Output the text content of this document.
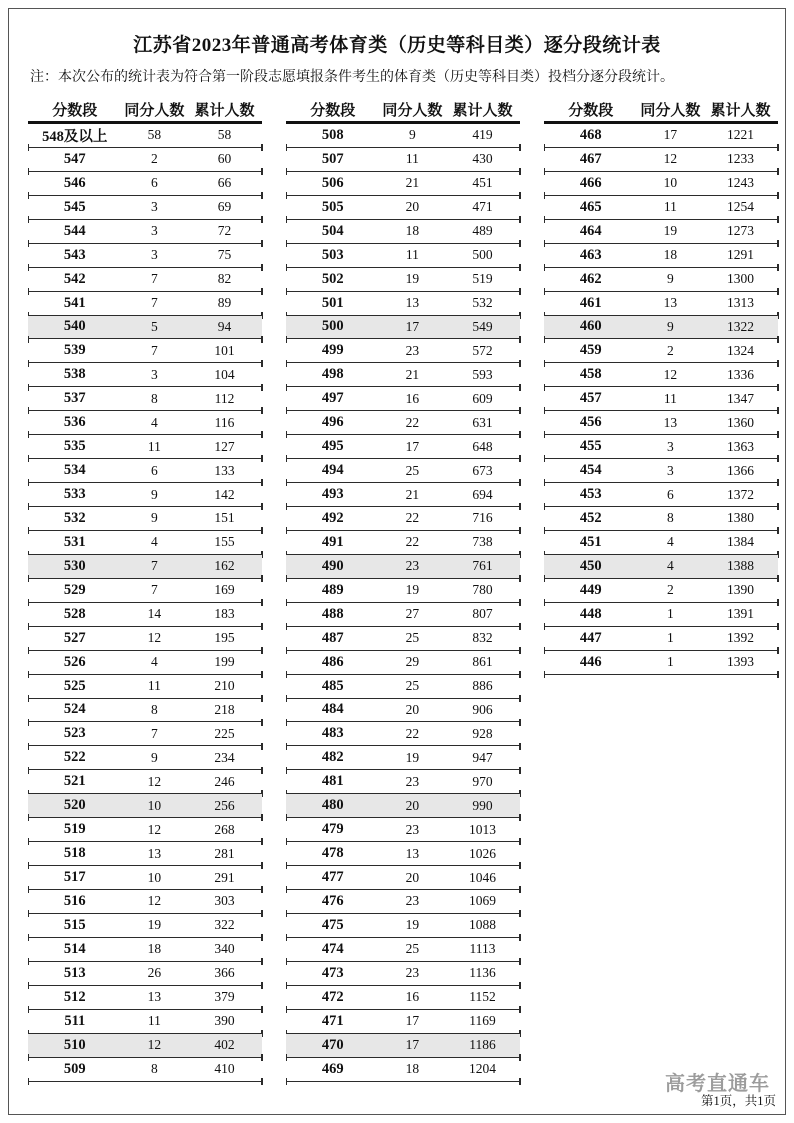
江苏省2023年普通高考体育类（历史等科目类）逐分段统计表
注：本次公布的统计表为符合第一阶段志愿填报条件考生的体育类（历史等科目类）投档分逐分段统计。
分数段	同分人数 累计人数
548及以上	58	58
547	2	60
546	6	66
545	3	69
544	3	72
543	3	75
542	7	82
541	7	89
540	5	94
539	7	101
538	3	104
537	8	112
536	4	116
535	11	127
534	6	133
533	9	142
532	9	151
531	4	155
530	7	162
529	7	169
528	14	183
527	12	195
526	4	199
525	11	210
524	8	218
523	7	225
522	9	234
521	12	246
520	10	256
519	12	268
518	13	281
517	10	291
516	12	303
515	19	322
514	18	340
513	26	366
512	13	379
511	11	390
510	12	402
509	8	410
分数段	同分人数 累计人数
508	9	419
507	11	430
506	21	451
505	20	471
504	18	489
503	11	500
502	19	519
501	13	532
500	17	549
499	23	572
498	21	593
497	16	609
496	22	631
495	17	648
494	25	673
493	21	694
492	22	716
491	22	738
490	23	761
489	19	780
488	27	807
487	25	832
486	29	861
485	25	886
484	20	906
483	22	928
482	19	947
481	23	970
480	20	990
479	23	1013
478	13	1026
477	20	1046
476	23	1069
475	19	1088
474	25	1113
473	23	1136
472	16	1152
471	17	1169
470	17	1186
469	18	1204
分数段	同分人数 累计人数
468	17	1221
467	12	1233
466	10	1243
465	11	1254
464	19	1273
463	18	1291
462	9	1300
461	13	1313
460	9	1322
459	2	1324
458	12	1336
457	11	1347
456	13	1360
455	3	1363
454	3	1366
453	6	1372
452	8	1380
451	4	1384
450	4	1388
449	2	1390
448	1	1391
447	1	1392
446	1	1393
高考直通车
第1页，共1页
